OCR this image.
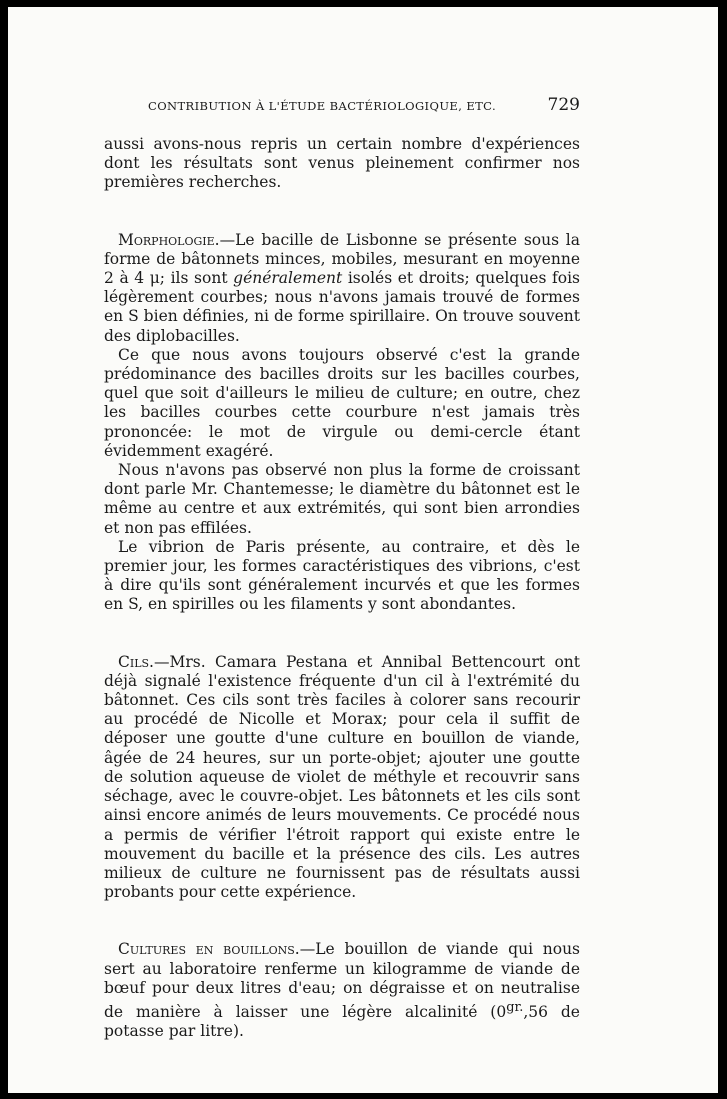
CONTRIBUTION À L'ÉTUDE BACTÉRIOLOGIQUE, ETC.	729

aussi avons-nous repris un certain nombre d'expériences dont les résultats sont venus pleinement confirmer nos premières recherches.

Morphologie.—Le bacille de Lisbonne se présente sous la forme de bâtonnets minces, mobiles, mesurant en moyenne 2 à 4 μ; ils sont généralement isolés et droits; quelques fois légèrement courbes; nous n'avons jamais trouvé de formes en S bien définies, ni de forme spirillaire. On trouve souvent des diplobacilles.

Ce que nous avons toujours observé c'est la grande prédominance des bacilles droits sur les bacilles courbes, quel que soit d'ailleurs le milieu de culture; en outre, chez les bacilles courbes cette courbure n'est jamais très prononcée: le mot de virgule ou demi-cercle étant évidemment exagéré.

Nous n'avons pas observé non plus la forme de croissant dont parle Mr. Chantemesse; le diamètre du bâtonnet est le même au centre et aux extrémités, qui sont bien arrondies et non pas effilées.

Le vibrion de Paris présente, au contraire, et dès le premier jour, les formes caractéristiques des vibrions, c'est à dire qu'ils sont généralement incurvés et que les formes en S, en spirilles ou les filaments y sont abondantes.

Cils.—Mrs. Camara Pestana et Annibal Bettencourt ont déjà signalé l'existence fréquente d'un cil à l'extrémité du bâtonnet. Ces cils sont très faciles à colorer sans recourir au procédé de Nicolle et Morax; pour cela il suffit de déposer une goutte d'une culture en bouillon de viande, âgée de 24 heures, sur un porte-objet; ajouter une goutte de solution aqueuse de violet de méthyle et recouvrir sans séchage, avec le couvre-objet. Les bâtonnets et les cils sont ainsi encore animés de leurs mouvements. Ce procédé nous a permis de vérifier l'étroit rapport qui existe entre le mouvement du bacille et la présence des cils. Les autres milieux de culture ne fournissent pas de résultats aussi probants pour cette expérience.

Cultures en bouillons.—Le bouillon de viande qui nous sert au laboratoire renferme un kilogramme de viande de bœuf pour deux litres d'eau; on dégraisse et on neutralise de manière à laisser une légère alcalinité ($0^{gr.},56$ de potasse par litre).
